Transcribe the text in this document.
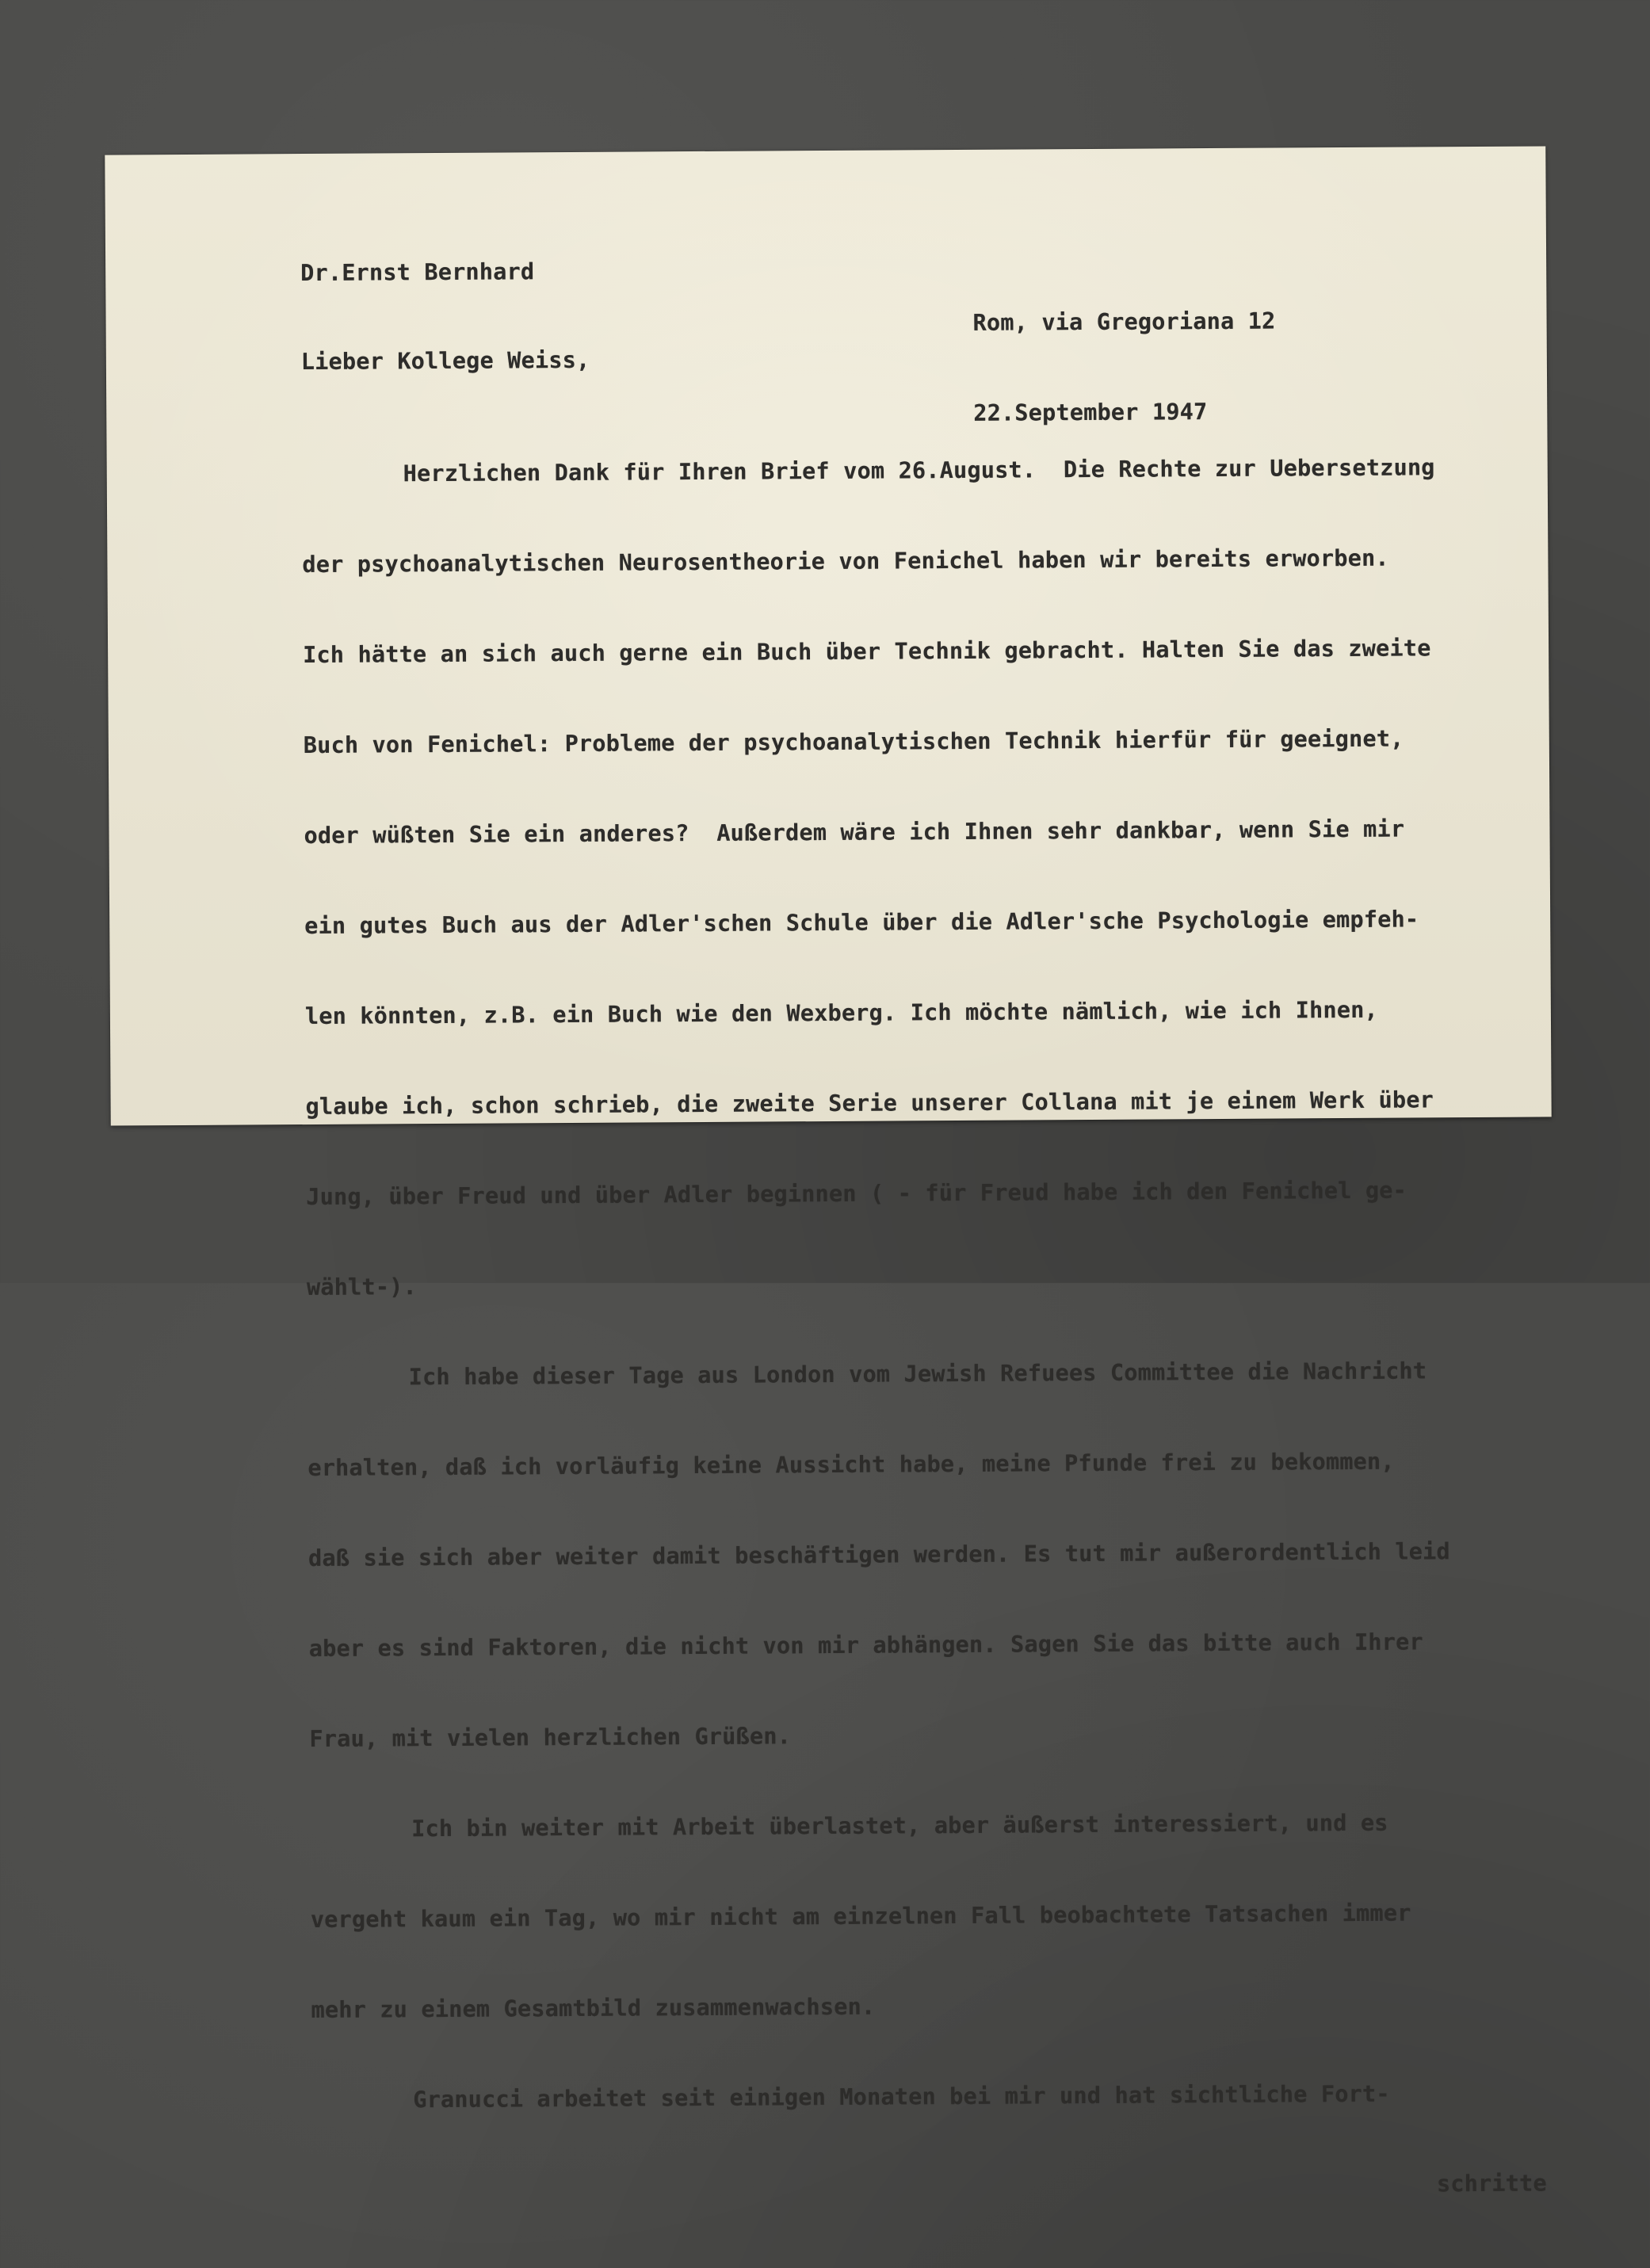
Dr.Ernst Bernhard

Rom, via Gregoriana 12

22.September 1947

Lieber Kollege Weiss,

Herzlichen Dank für Ihren Brief vom 26.August.  Die Rechte zur Uebersetzung

der psychoanalytischen Neurosentheorie von Fenichel haben wir bereits erworben.

Ich hätte an sich auch gerne ein Buch über Technik gebracht. Halten Sie das zweite

Buch von Fenichel: Probleme der psychoanalytischen Technik hierfür für geeignet,

oder wüßten Sie ein anderes?  Außerdem wäre ich Ihnen sehr dankbar, wenn Sie mir

ein gutes Buch aus der Adler'schen Schule über die Adler'sche Psychologie empfeh-

len könnten, z.B. ein Buch wie den Wexberg. Ich möchte nämlich, wie ich Ihnen,

glaube ich, schon schrieb, die zweite Serie unserer Collana mit je einem Werk über

Jung, über Freud und über Adler beginnen ( - für Freud habe ich den Fenichel ge-

wählt-).

Ich habe dieser Tage aus London vom Jewish Refuees Committee die Nachricht

erhalten, daß ich vorläufig keine Aussicht habe, meine Pfunde frei zu bekommen,

daß sie sich aber weiter damit beschäftigen werden. Es tut mir außerordentlich leid

aber es sind Faktoren, die nicht von mir abhängen. Sagen Sie das bitte auch Ihrer

Frau, mit vielen herzlichen Grüßen.

Ich bin weiter mit Arbeit überlastet, aber äußerst interessiert, und es

vergeht kaum ein Tag, wo mir nicht am einzelnen Fall beobachtete Tatsachen immer

mehr zu einem Gesamtbild zusammenwachsen.

Granucci arbeitet seit einigen Monaten bei mir und hat sichtliche Fort-

schritte
